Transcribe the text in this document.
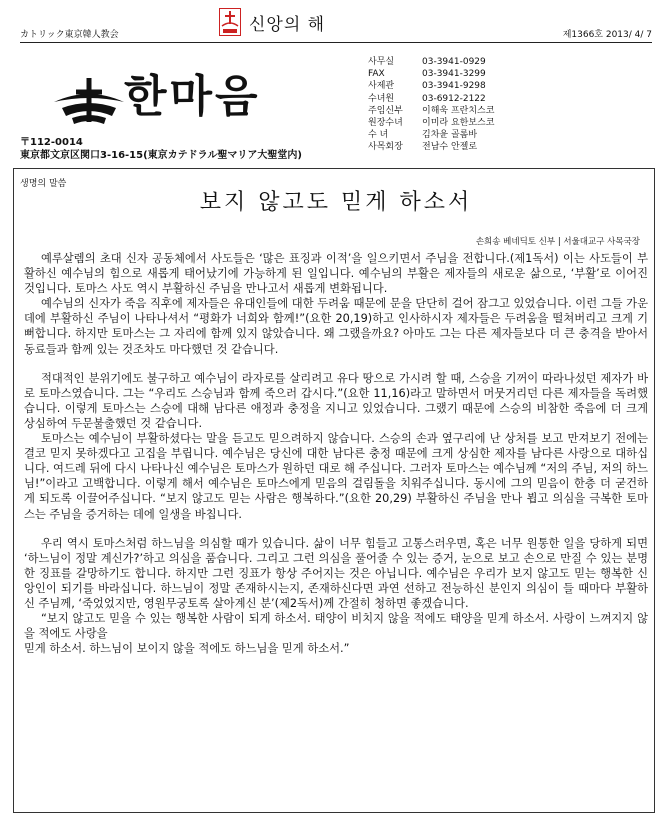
カトリック東京韓人教会	신앙의 해	제1366호 2013/ 4/ 7
한마음
〒112-0014
東京都文京区関口3-16-15(東京カテドラル聖マリア大聖堂内)
사무실	03-3941-0929
FAX	03-3941-3299
사제관	03-3941-9298
수녀원	03-6912-2122
주임신부	이해욱 프란치스코
원장수녀	이미라 요한보스코
수 녀	김차윤 골롬바
사목회장	전남수 안젤로
생명의 말씀
보지 않고도 믿게 하소서
손희송 베네딕토 신부 | 서울대교구 사목국장

예루살렘의 초대 신자 공동체에서 사도들은 ‘많은 표징과 이적’을 일으키면서 주님을 전합니다.(제1독서) 이는 사도들이 부활하신 예수님의 힘으로 새롭게 태어났기에 가능하게 된 일입니다. 예수님의 부활은 제자들의 새로운 삶으로, ‘부활’로 이어진 것입니다. 토마스 사도 역시 부활하신 주님을 만나고서 새롭게 변화됩니다.

예수님의 신자가 죽음 직후에 제자들은 유대인들에 대한 두려움 때문에 문을 단단히 걸어 잠그고 있었습니다. 이런 그들 가운데에 부활하신 주님이 나타나셔서 “평화가 너희와 함께!”(요한 20,19)하고 인사하시자 제자들은 두려움을 떨쳐버리고 크게 기뻐합니다. 하지만 토마스는 그 자리에 함께 있지 않았습니다. 왜 그랬을까요? 아마도 그는 다른 제자들보다 더 큰 충격을 받아서 동료들과 함께 있는 것조차도 마다했던 것 같습니다.

적대적인 분위기에도 불구하고 예수님이 라자로를 살리려고 유다 땅으로 가시려 할 때, 스승을 기꺼이 따라나섰던 제자가 바로 토마스였습니다. 그는 “우리도 스승님과 함께 죽으러 갑시다.”(요한 11,16)라고 말하면서 머뭇거리던 다른 제자들을 독려했습니다. 이렇게 토마스는 스승에 대해 남다른 애정과 충정을 지니고 있었습니다. 그랬기 때문에 스승의 비참한 죽음에 더 크게 상심하여 두문불출했던 것 같습니다.

토마스는 예수님이 부활하셨다는 말을 듣고도 믿으려하지 않습니다. 스승의 손과 옆구리에 난 상처를 보고 만져보기 전에는 결코 믿지 못하겠다고 고집을 부립니다. 예수님은 당신에 대한 남다른 충정 때문에 크게 상심한 제자를 남다른 사랑으로 대하십니다. 여드레 뒤에 다시 나타나신 예수님은 토마스가 원하던 대로 해 주십니다. 그러자 토마스는 예수님께 “저의 주님, 저의 하느님!”이라고 고백합니다. 이렇게 해서 예수님은 토마스에게 믿음의 걸림돌을 치워주십니다. 동시에 그의 믿음이 한층 더 굳건하게 되도록 이끌어주십니다. “보지 않고도 믿는 사람은 행복하다.”(요한 20,29) 부활하신 주님을 만나 뵙고 의심을 극복한 토마스는 주님을 증거하는 데에 일생을 바칩니다.

우리 역시 토마스처럼 하느님을 의심할 때가 있습니다. 삶이 너무 힘들고 고통스러우면, 혹은 너무 원통한 일을 당하게 되면 ‘하느님이 정말 계신가?’하고 의심을 품습니다. 그리고 그런 의심을 풀어줄 수 있는 증거, 눈으로 보고 손으로 만질 수 있는 분명한 징표를 갈망하기도 합니다. 하지만 그런 징표가 항상 주어지는 것은 아닙니다. 예수님은 우리가 보지 않고도 믿는 행복한 신앙인이 되기를 바라십니다. 하느님이 정말 존재하시는지, 존재하신다면 과연 선하고 전능하신 분인지 의심이 들 때마다 부활하신 주님께, ‘죽었었지만, 영원무궁토록 살아계신 분’(제2독서)께 간절히 청하면 좋겠습니다.

“보지 않고도 믿을 수 있는 행복한 사람이 되게 하소서. 태양이 비치지 않을 적에도 태양을 믿게 하소서. 사랑이 느껴지지 않을 적에도 사랑을

믿게 하소서. 하느님이 보이지 않을 적에도 하느님을 믿게 하소서.”
